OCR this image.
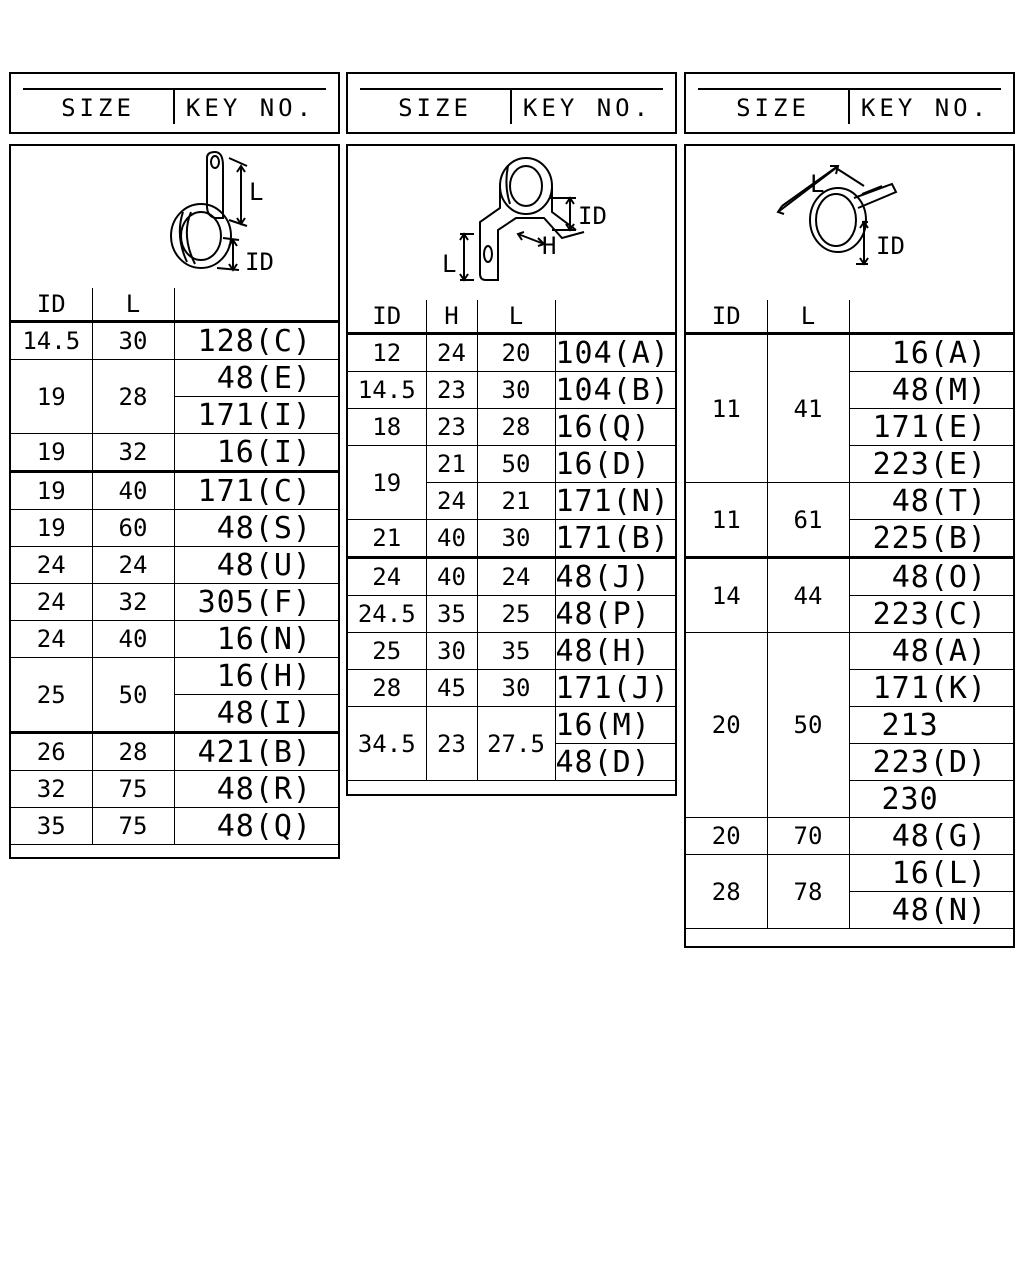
SIZE	KEY NO.	SIZE	KEY NO.	SIZE	KEY NO.
L
ID
ID	L	
14.5	30	128(C)
19	28	48(E)
		171(I)
19	32	16(I)
19	40	171(C)
19	60	48(S)
24	24	48(U)
24	32	305(F)
24	40	16(N)
25	50	16(H)
		48(I)
26	28	421(B)
32	75	48(R)
35	75	48(Q)
ID
H
L
ID	H	L	
12	24	20	104(A)
14.5	23	30	104(B)
18	23	28	16(Q)
19	21	50	16(D)
	24	21	171(N)
21	40	30	171(B)
24	40	24	48(J)
24.5	35	25	48(P)
25	30	35	48(H)
28	45	30	171(J)
34.5	23	27.5	16(M)
			48(D)
L
ID
ID	L	
11	41	16(A)
		48(M)
		171(E)
		223(E)
11	61	48(T)
		225(B)
14	44	48(O)
		223(C)
20	50	48(A)
		171(K)
		213
		223(D)
		230
20	70	48(G)
28	78	16(L)
		48(N)
